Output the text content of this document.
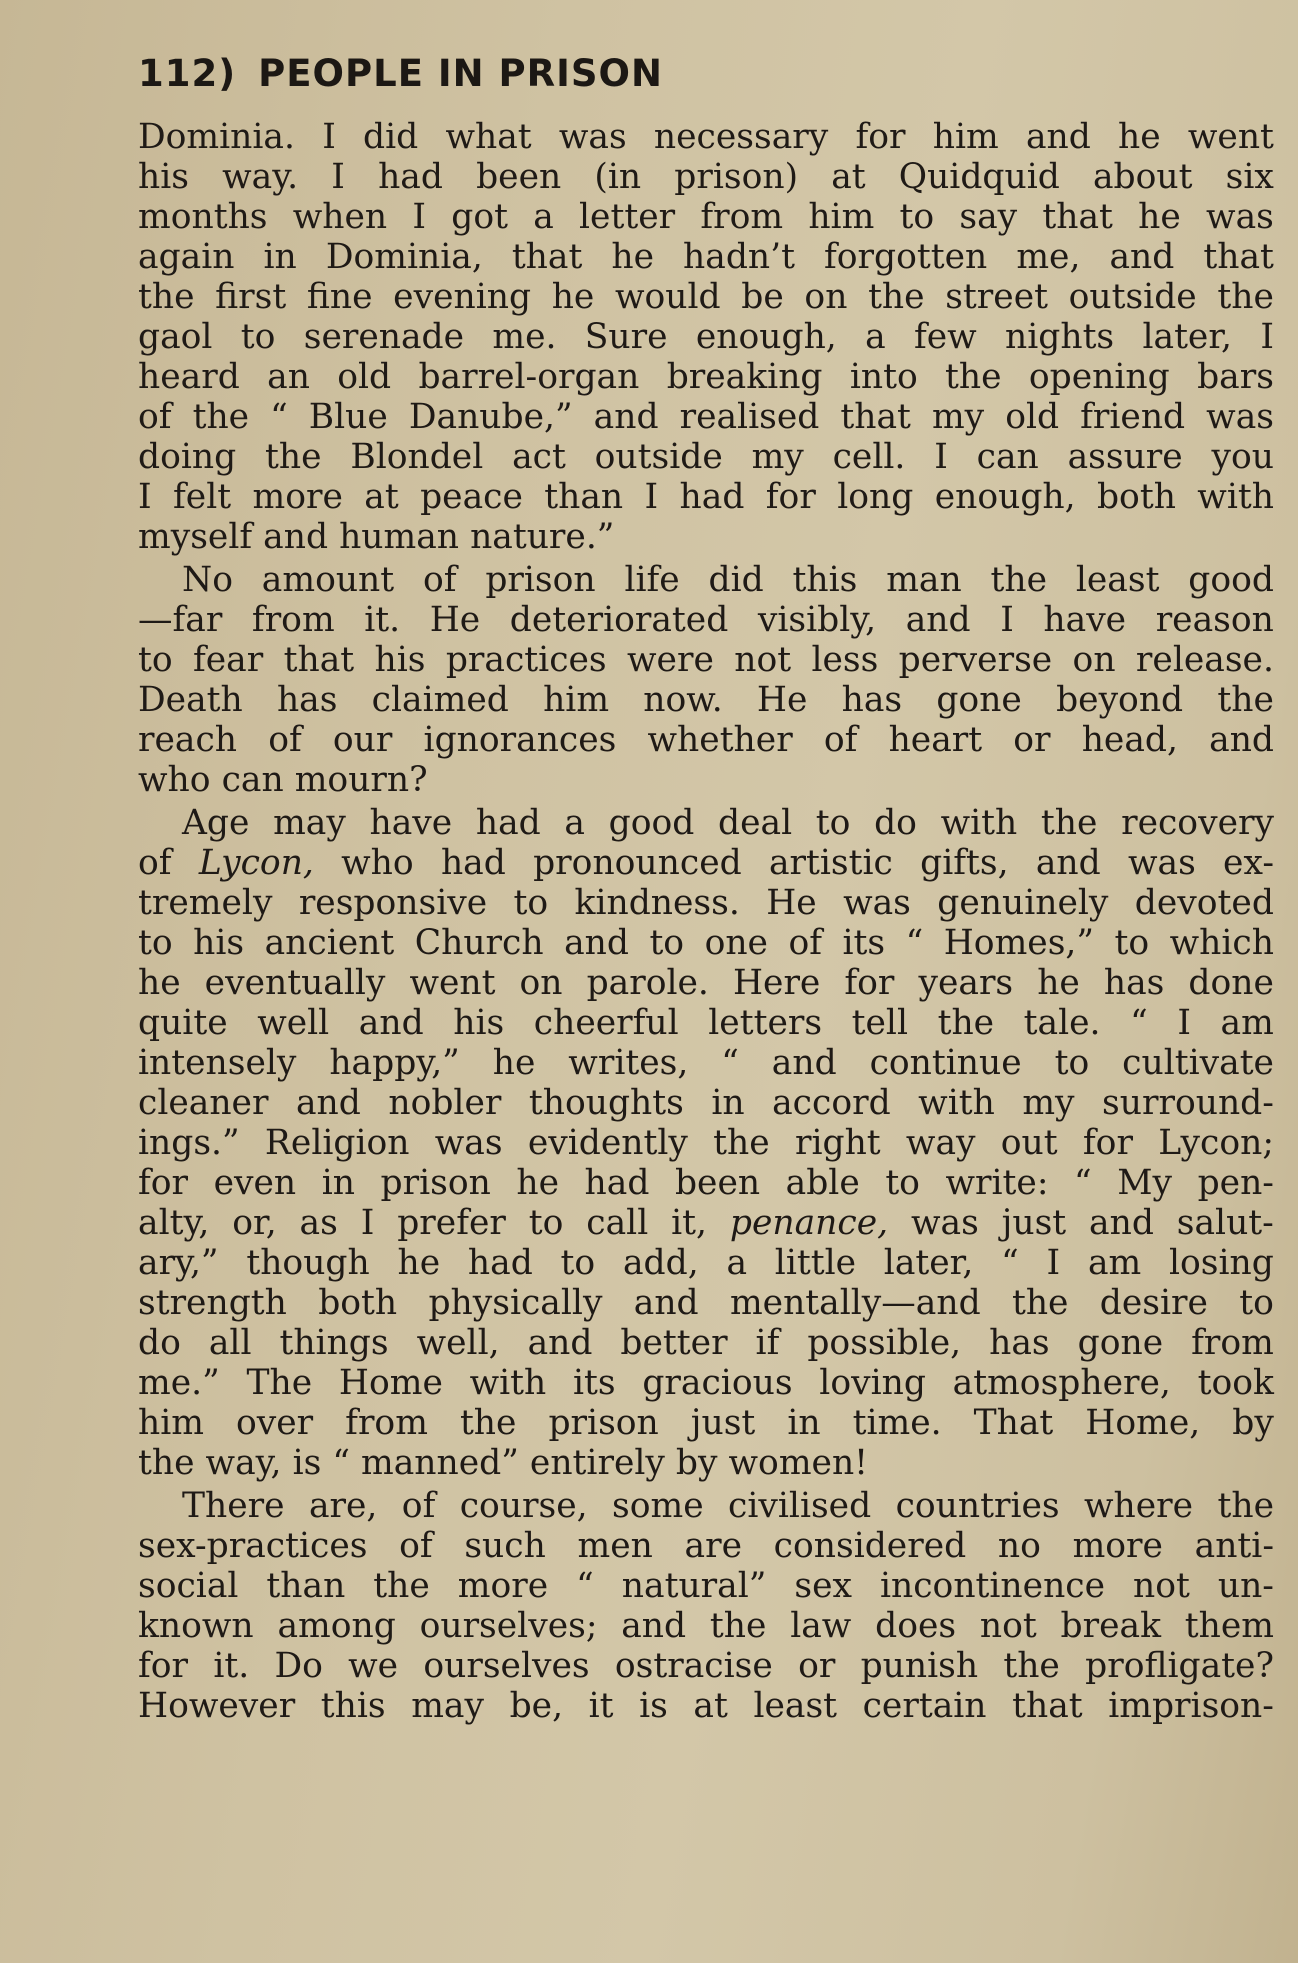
112) PEOPLE IN PRISON
Dominia. I did what was necessary for him and he went
his way. I had been (in prison) at Quidquid about six
months when I got a letter from him to say that he was
again in Dominia, that he hadn’t forgotten me, and that
the first fine evening he would be on the street outside the
gaol to serenade me. Sure enough, a few nights later, I
heard an old barrel-organ breaking into the opening bars
of the “ Blue Danube,” and realised that my old friend was
doing the Blondel act outside my cell. I can assure you
I felt more at peace than I had for long enough, both with
myself and human nature.”
No amount of prison life did this man the least good
—far from it. He deteriorated visibly, and I have reason
to fear that his practices were not less perverse on release.
Death has claimed him now. He has gone beyond the
reach of our ignorances whether of heart or head, and
who can mourn?
Age may have had a good deal to do with the recovery
of Lycon, who had pronounced artistic gifts, and was ex-
tremely responsive to kindness. He was genuinely devoted
to his ancient Church and to one of its “ Homes,” to which
he eventually went on parole. Here for years he has done
quite well and his cheerful letters tell the tale. “ I am
intensely happy,” he writes, “ and continue to cultivate
cleaner and nobler thoughts in accord with my surround-
ings.” Religion was evidently the right way out for Lycon;
for even in prison he had been able to write: “ My pen-
alty, or, as I prefer to call it, penance, was just and salut-
ary,” though he had to add, a little later, “ I am losing
strength both physically and mentally—and the desire to
do all things well, and better if possible, has gone from
me.” The Home with its gracious loving atmosphere, took
him over from the prison just in time. That Home, by
the way, is “ manned” entirely by women!
There are, of course, some civilised countries where the
sex-practices of such men are considered no more anti-
social than the more “ natural” sex incontinence not un-
known among ourselves; and the law does not break them
for it. Do we ourselves ostracise or punish the profligate?
However this may be, it is at least certain that imprison-
